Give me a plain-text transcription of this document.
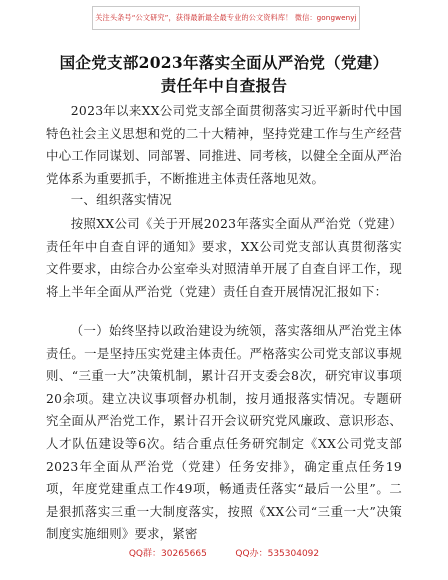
关注头条号“公文研究”，获得最新最全最专业的公文资料库！ 微信：gongwenyj
国企党支部2023年落实全面从严治党（党建）
责任年中自查报告
2023年以来XX公司党支部全面贯彻落实习近平新时代中国特色社会主义思想和党的二十大精神，坚持党建工作与生产经营中心工作同谋划、同部署、同推进、同考核，以健全全面从严治党体系为重要抓手，不断推进主体责任落地见效。
一、组织落实情况
按照XX公司《关于开展2023年落实全面从严治党（党建）责任年中自查自评的通知》要求，XX公司党支部认真贯彻落实文件要求，由综合办公室牵头对照清单开展了自查自评工作，现将上半年全面从严治党（党建）责任自查开展情况汇报如下：
（一）始终坚持以政治建设为统领，落实落细从严治党主体责任。一是坚持压实党建主体责任。严格落实公司党支部议事规则、“三重一大”决策机制，累计召开支委会8次，研究审议事项20余项。建立决议事项督办机制，按月通报落实情况。专题研究全面从严治党工作，累计召开会议研究党风廉政、意识形态、人才队伍建设等6次。结合重点任务研究制定《XX公司党支部2023年全面从严治党（党建）任务安排》，确定重点任务19项，年度党建重点工作49项，畅通责任落实“最后一公里”。二是狠抓落实三重一大制度落实，按照《XX公司“三重一大”决策制度实施细则》要求，紧密
QQ群：30265665          QQ办：535304092
